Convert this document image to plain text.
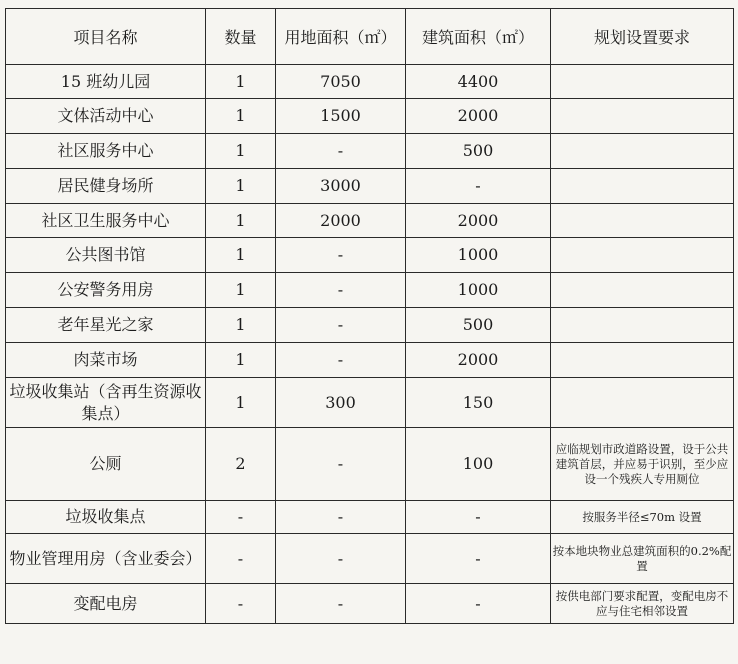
项目名称	数量	用地面积（㎡）	建筑面积（㎡）	规划设置要求
15 班幼儿园	1	7050	4400	
文体活动中心	1	1500	2000	
社区服务中心	1	-	500	
居民健身场所	1	3000	-	
社区卫生服务中心	1	2000	2000	
公共图书馆	1	-	1000	
公安警务用房	1	-	1000	
老年星光之家	1	-	500	
肉菜市场	1	-	2000	
垃圾收集站（含再生资源收集点）	1	300	150	
公厕	2	-	100	应临规划市政道路设置，设于公共建筑首层，并应易于识别，至少应设一个残疾人专用厕位
垃圾收集点	-	-	-	按服务半径≤70m 设置
物业管理用房（含业委会）	-	-	-	按本地块物业总建筑面积的0.2%配置
变配电房	-	-	-	按供电部门要求配置，变配电房不应与住宅相邻设置
